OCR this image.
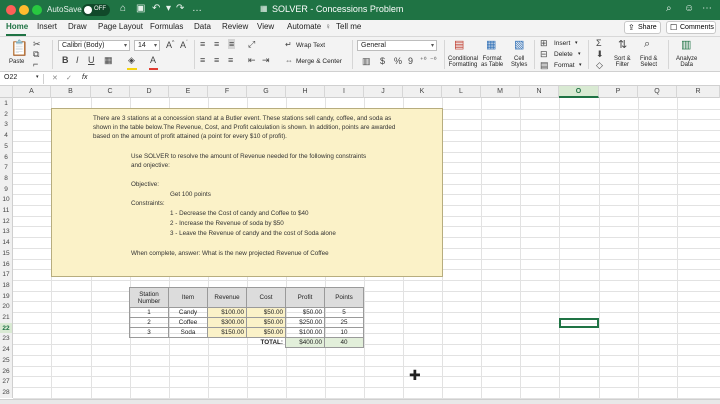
AutoSave OFF ⌂ ▣ ↶ ▾ ↷ …	▦ SOLVER - Concessions Problem	⌕ ☺ ⋯
Home Insert Draw Page Layout Formulas Data Review View Automate ♀ Tell me	⇪ Share ☐ Comments
📋
Paste
✂
⧉
⌐
Calibri (Body)	▾ 14 ▾ A^ $A^ˇ$
B I U ▦ ◈ A
≡ ≡ ≡
≡ ≡ ≡
⤢
⇤ ⇥
↵ Wrap Text
⇔ Merge & Center
General	▾
▥ $ % 9 ⁺⁰ ⁻⁰
▤
Conditional
Formatting
▦
Format
as Table
▧
Cell
Styles
⊞ Insert ▾
⊟ Delete ▾
▤ Format ▾
Σ
⬇
◇
⇅
Sort &
Filter
⌕
Find &
Select
▥
Analyze
Data
O22	▾ ✕ ✓ fx
A	B	C	D	E	F	G	H	I	J	K	L	M	N	O	P	Q	R
1
2
3
4
5
6
7
8
9
10
11
12
13
14
15
16
17
18
19
20
21
22
23
24
25
26
27
28
There are 3 stations at a concession stand at a Butler event. These stations sell candy, coffee, and soda as
shown in the table below.The Revenue, Cost, and Profit calculation is shown. In addition, points are awarded
based on the amount of profit attained (a point for every $10 of profit).
Use SOLVER to resolve the amount of Revenue needed for the following constraints
and onjective:
Objective:
Get 100 points
Constraints:
1 - Decrease the Cost of candy and Coffee to $40
2 - Increase the Revenue of soda by $50
3 - Leave the Revenue of candy and the cost of Soda alone
When complete, answer: What is the new projected Revenue of Coffee
Station Number	Item	Revenue	Cost	Profit	Points
1	Candy	$100.00	$50.00	$50.00	5
2	Coffee	$300.00	$50.00	$250.00	25
3	Soda	$150.00	$50.00	$100.00	10
			TOTAL:	$400.00	40
✚
